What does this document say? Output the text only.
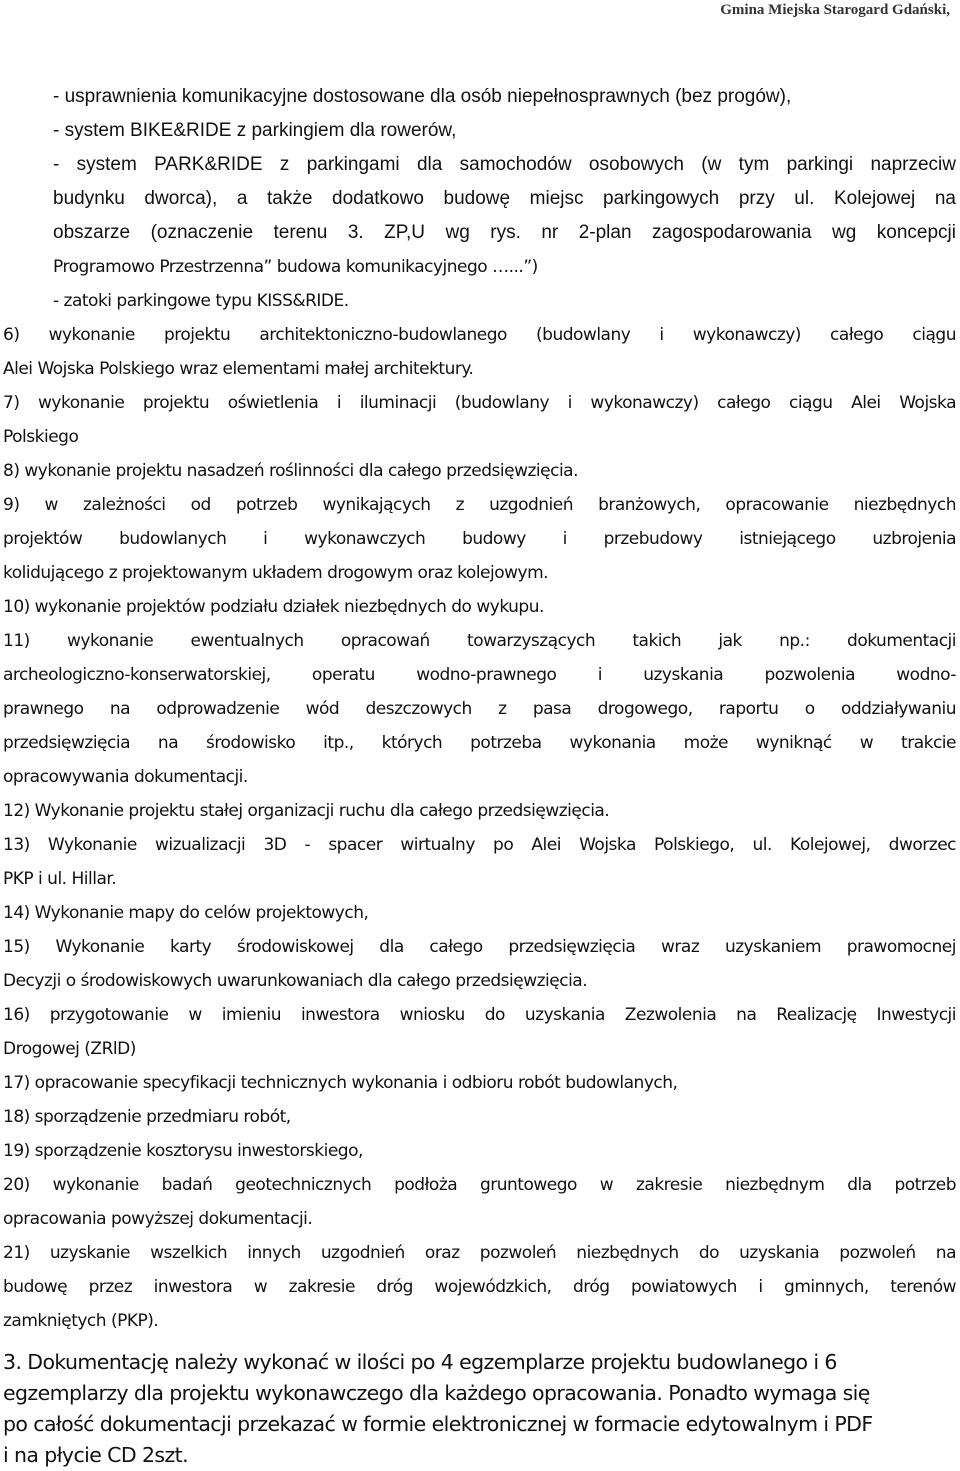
Gmina Miejska Starogard Gdański,

- usprawnienia komunikacyjne dostosowane dla osób niepełnosprawnych (bez progów),

- system BIKE&RIDE z parkingiem dla rowerów,

- system PARK&RIDE z parkingami dla samochodów osobowych (w tym parkingi naprzeciw

budynku dworca), a także dodatkowo budowę miejsc parkingowych przy ul. Kolejowej na

obszarze (oznaczenie terenu 3. ZP,U wg rys. nr 2-plan zagospodarowania wg koncepcji

Programowo Przestrzenna” budowa komunikacyjnego …...”)

- zatoki parkingowe typu KISS&RIDE.

6) wykonanie projektu architektoniczno-budowlanego (budowlany i wykonawczy) całego ciągu

Alei Wojska Polskiego wraz elementami małej architektury.

7) wykonanie projektu oświetlenia i iluminacji (budowlany i wykonawczy) całego ciągu Alei Wojska

Polskiego

8) wykonanie projektu nasadzeń roślinności dla całego przedsięwzięcia.

9) w zależności od potrzeb wynikających z uzgodnień branżowych, opracowanie niezbędnych

projektów budowlanych i wykonawczych budowy i przebudowy istniejącego uzbrojenia

kolidującego z projektowanym układem drogowym oraz kolejowym.

10) wykonanie projektów podziału działek niezbędnych do wykupu.

11) wykonanie ewentualnych opracowań towarzyszących takich jak np.: dokumentacji

archeologiczno-konserwatorskiej, operatu wodno-prawnego i uzyskania pozwolenia wodno-

prawnego na odprowadzenie wód deszczowych z pasa drogowego, raportu o oddziaływaniu

przedsięwzięcia na środowisko itp., których potrzeba wykonania może wyniknąć w trakcie

opracowywania dokumentacji.

12) Wykonanie projektu stałej organizacji ruchu dla całego przedsięwzięcia.

13) Wykonanie wizualizacji 3D - spacer wirtualny po Alei Wojska Polskiego, ul. Kolejowej, dworzec

PKP i ul. Hillar.

14) Wykonanie mapy do celów projektowych,

15) Wykonanie karty środowiskowej dla całego przedsięwzięcia wraz uzyskaniem prawomocnej

Decyzji o środowiskowych uwarunkowaniach dla całego przedsięwzięcia.

16) przygotowanie w imieniu inwestora wniosku do uzyskania Zezwolenia na Realizację Inwestycji

Drogowej (ZRlD)

17) opracowanie specyfikacji technicznych wykonania i odbioru robót budowlanych,

18) sporządzenie przedmiaru robót,

19) sporządzenie kosztorysu inwestorskiego,

20) wykonanie badań geotechnicznych podłoża gruntowego w zakresie niezbędnym dla potrzeb

opracowania powyższej dokumentacji.

21) uzyskanie wszelkich innych uzgodnień oraz pozwoleń niezbędnych do uzyskania pozwoleń na

budowę przez inwestora w zakresie dróg wojewódzkich, dróg powiatowych i gminnych, terenów

zamkniętych (PKP).

3. Dokumentację należy wykonać w ilości po 4 egzemplarze projektu budowlanego i 6

egzemplarzy dla projektu wykonawczego dla każdego opracowania. Ponadto wymaga się

po całość dokumentacji przekazać w formie elektronicznej w formacie edytowalnym i PDF

i na płycie CD 2szt.
